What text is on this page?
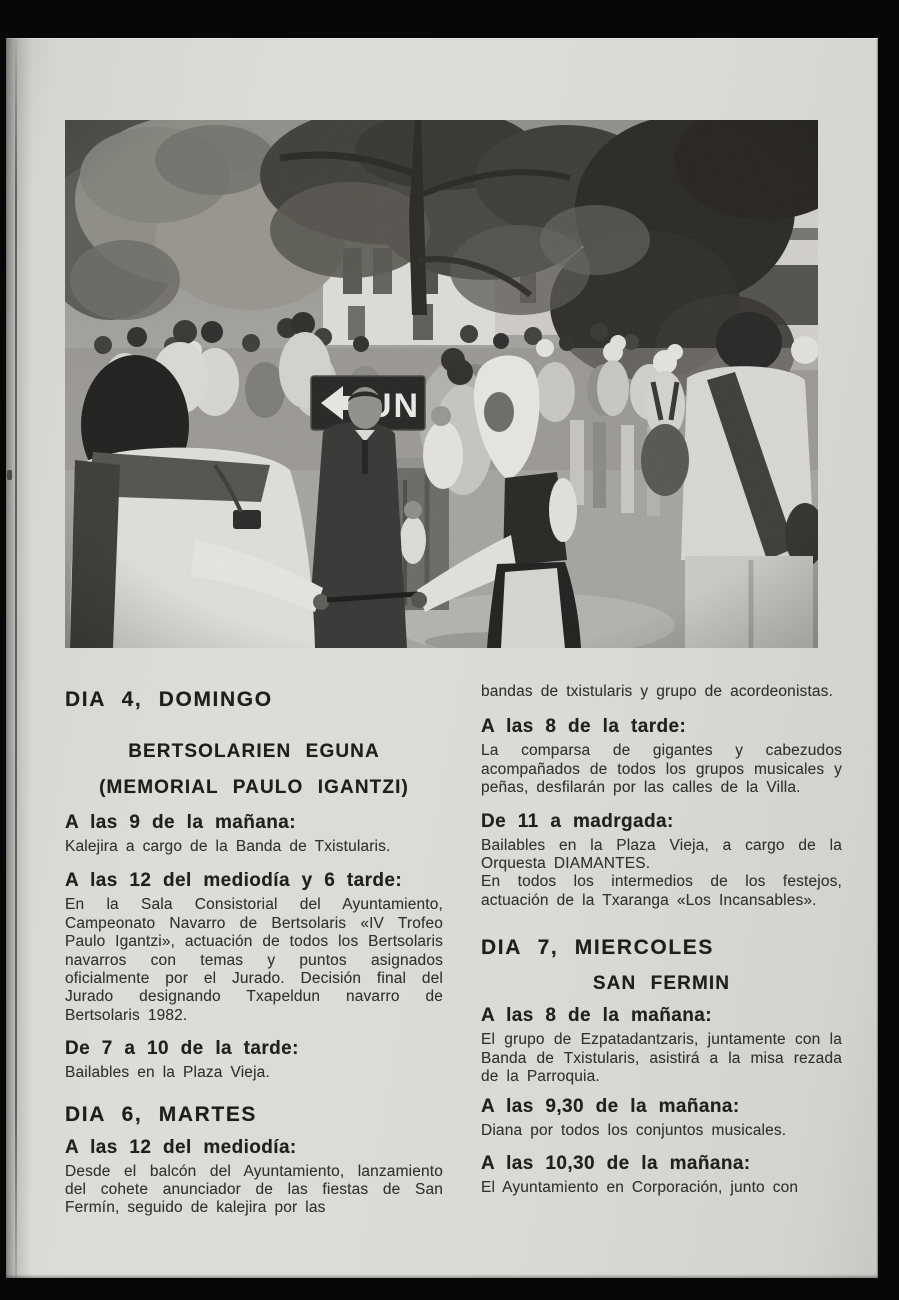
DIA 4, DOMINGO
BERTSOLARIEN EGUNA
(MEMORIAL PAULO IGANTZI)
A las 9 de la mañana:

Kalejira a cargo de la Banda de Txistularis.

A las 12 del mediodía y 6 tarde:

En la Sala Consistorial del Ayuntamiento, Campeonato Navarro de Bertsolaris «IV Trofeo Paulo Igantzi», actuación de todos los Bertsolaris navarros con temas y puntos asignados oficialmente por el Jurado. Decisión final del Jurado designando Txapeldun navarro de Bertsolaris 1982.

De 7 a 10 de la tarde:

Bailables en la Plaza Vieja.

DIA 6, MARTES
A las 12 del mediodía:

Desde el balcón del Ayuntamiento, lanzamiento del cohete anunciador de las fiestas de San Fermín, seguido de kalejira por las

bandas de txistularis y grupo de acordeonistas.

A las 8 de la tarde:

La comparsa de gigantes y cabezudos acompañados de todos los grupos musicales y peñas, desfilarán por las calles de la Villa.

De 11 a madrgada:

Bailables en la Plaza Vieja, a cargo de la Orquesta DIAMANTES.
En todos los intermedios de los festejos, actuación de la Txaranga «Los Incansables».

DIA 7, MIERCOLES
SAN FERMIN
A las 8 de la mañana:

El grupo de Ezpatadantzaris, juntamente con la Banda de Txistularis, asistirá a la misa rezada de la Parroquia.

A las 9,30 de la mañana:

Diana por todos los conjuntos musicales.

A las 10,30 de la mañana:

El Ayuntamiento en Corporación, junto con
